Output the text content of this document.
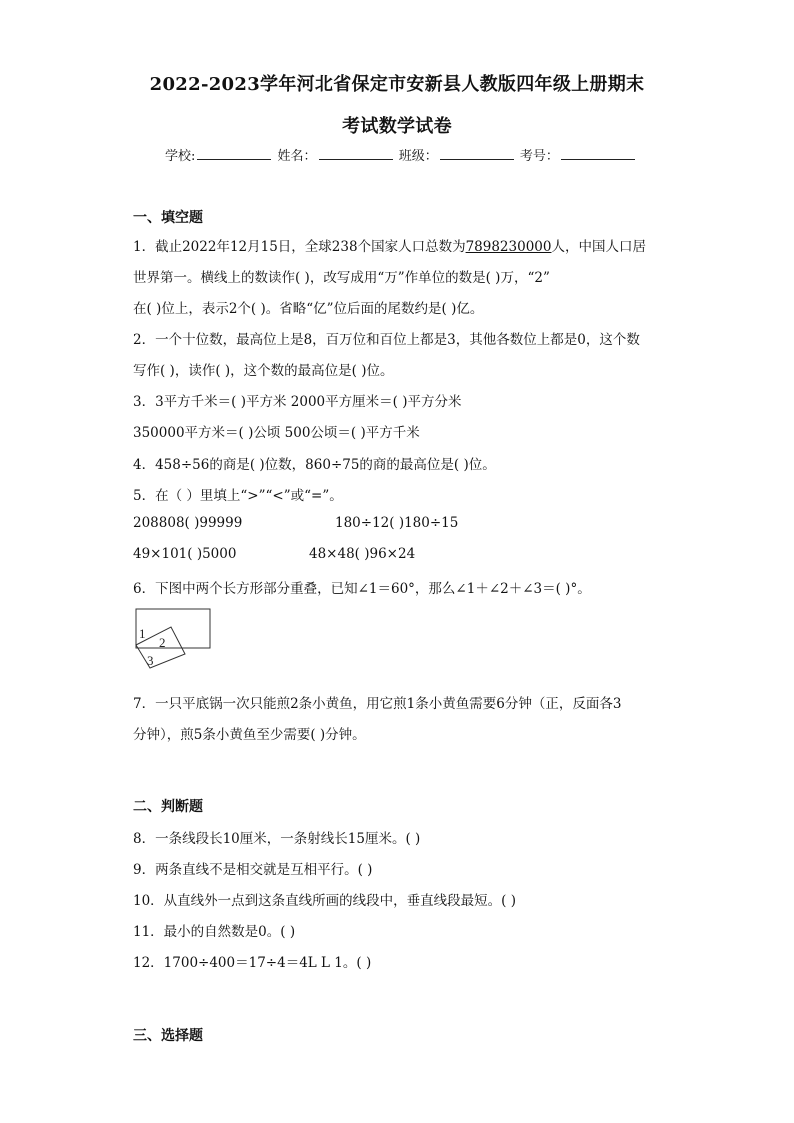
2022-2023学年河北省保定市安新县人教版四年级上册期末
考试数学试卷
学校:	姓名：	班级：	考号：
一、填空题
1．截止2022年12月15日，全球238个国家人口总数为7898230000人，中国人口居
世界第一。横线上的数读作( )，改写成用“万”作单位的数是( )万，“2”
在( )位上，表示2个( )。省略“亿”位后面的尾数约是( )亿。
2．一个十位数，最高位上是8，百万位和百位上都是3，其他各数位上都是0，这个数
写作( )，读作( )，这个数的最高位是( )位。
3．3平方千米＝( )平方米 2000平方厘米＝( )平方分米
350000平方米＝( )公顷 500公顷＝( )平方千米
4．458÷56的商是( )位数，860÷75的商的最高位是( )位。
5．在（ ）里填上“>”“<”或“=”。
208808( )99999	180÷12( )180÷15
49×101( )5000	48×48( )96×24
6．下图中两个长方形部分重叠，已知∠1＝60°，那么∠1＋∠2＋∠3＝( )°。
1
2
3
7．一只平底锅一次只能煎2条小黄鱼，用它煎1条小黄鱼需要6分钟（正，反面各3
分钟），煎5条小黄鱼至少需要( )分钟。
二、判断题
8．一条线段长10厘米，一条射线长15厘米。( )
9．两条直线不是相交就是互相平行。( )
10．从直线外一点到这条直线所画的线段中，垂直线段最短。( )
11．最小的自然数是0。( )
12．1700÷400＝17÷4＝4L L 1。( )
三、选择题
